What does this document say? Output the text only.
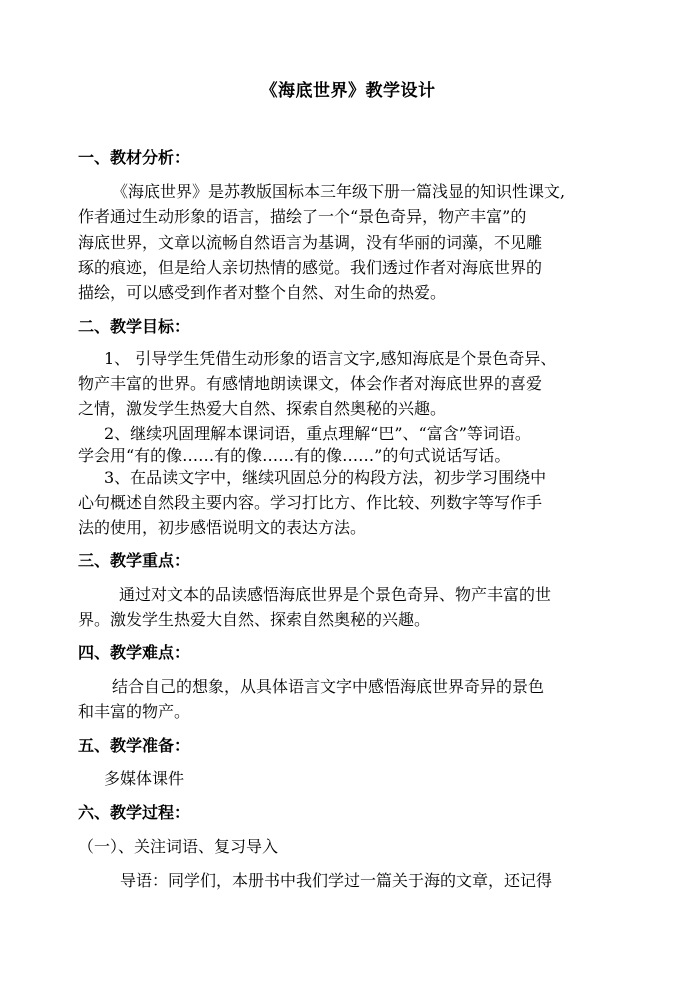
《海底世界》教学设计
一、教材分析：
《海底世界》是苏教版国标本三年级下册一篇浅显的知识性课文,
作者通过生动形象的语言，描绘了一个“景色奇异，物产丰富”的
海底世界，文章以流畅自然语言为基调，没有华丽的词藻，不见雕
琢的痕迹，但是给人亲切热情的感觉。我们透过作者对海底世界的
描绘，可以感受到作者对整个自然、对生命的热爱。
二、教学目标：
1、 引导学生凭借生动形象的语言文字,感知海底是个景色奇异、
物产丰富的世界。有感情地朗读课文，体会作者对海底世界的喜爱
之情，激发学生热爱大自然、探索自然奥秘的兴趣。
2、继续巩固理解本课词语，重点理解“巴”、“富含”等词语。
学会用“有的像……有的像……有的像……”的句式说话写话。
3、在品读文字中，继续巩固总分的构段方法，初步学习围绕中
心句概述自然段主要内容。学习打比方、作比较、列数字等写作手
法的使用，初步感悟说明文的表达方法。
三、教学重点：
通过对文本的品读感悟海底世界是个景色奇异、物产丰富的世
界。激发学生热爱大自然、探索自然奥秘的兴趣。
四、教学难点：
结合自己的想象，从具体语言文字中感悟海底世界奇异的景色
和丰富的物产。
五、教学准备：
多媒体课件
六、教学过程：
（一）、关注词语、复习导入
导语：同学们，本册书中我们学过一篇关于海的文章，还记得
